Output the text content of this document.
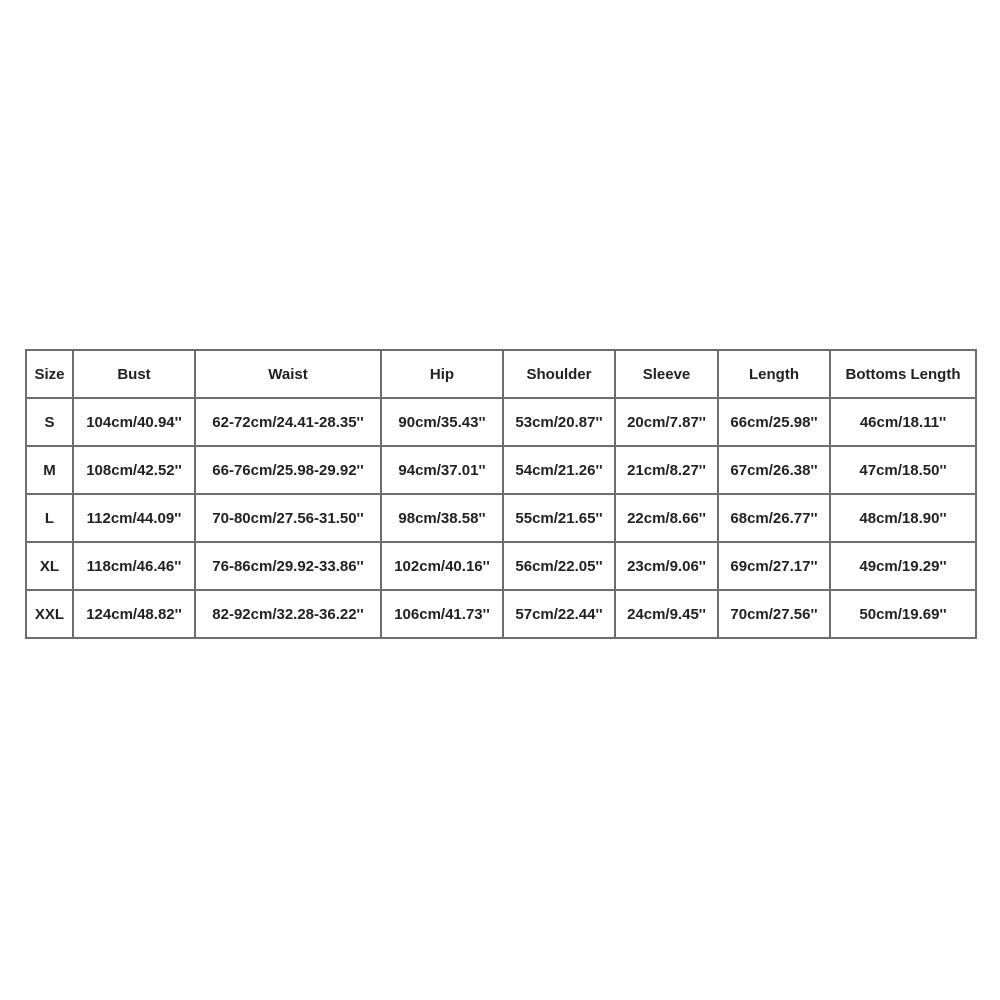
Size	Bust	Waist	Hip	Shoulder	Sleeve	Length	Bottoms Length
S	104cm/40.94''	62-72cm/24.41-28.35''	90cm/35.43''	53cm/20.87''	20cm/7.87''	66cm/25.98''	46cm/18.11''
M	108cm/42.52''	66-76cm/25.98-29.92''	94cm/37.01''	54cm/21.26''	21cm/8.27''	67cm/26.38''	47cm/18.50''
L	112cm/44.09''	70-80cm/27.56-31.50''	98cm/38.58''	55cm/21.65''	22cm/8.66''	68cm/26.77''	48cm/18.90''
XL	118cm/46.46''	76-86cm/29.92-33.86''	102cm/40.16''	56cm/22.05''	23cm/9.06''	69cm/27.17''	49cm/19.29''
XXL	124cm/48.82''	82-92cm/32.28-36.22''	106cm/41.73''	57cm/22.44''	24cm/9.45''	70cm/27.56''	50cm/19.69''
